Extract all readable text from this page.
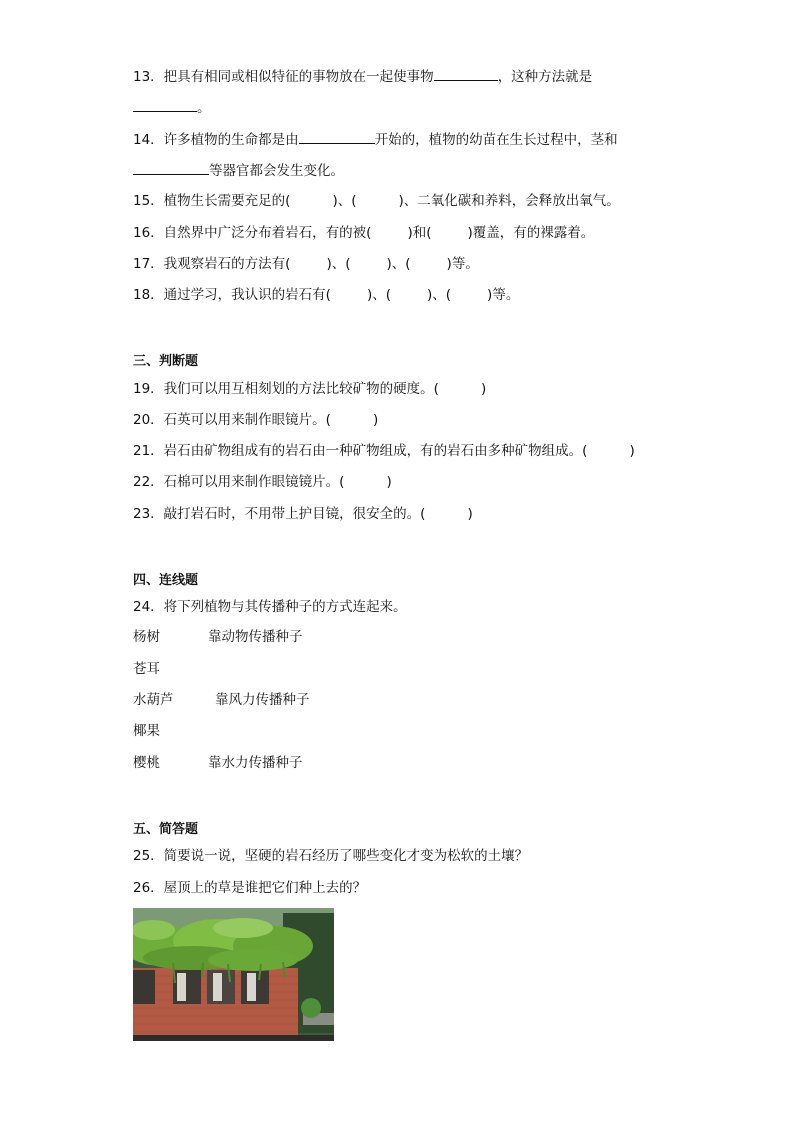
13．把具有相同或相似特征的事物放在一起使事物	，这种方法就是
。
14．许多植物的生命都是由	开始的，植物的幼苗在生长过程中，茎和
等器官都会发生变化。
15．植物生长需要充足的(	)、(	)、二氧化碳和养料，会释放出氧气。
16．自然界中广泛分布着岩石，有的被(	)和(	)覆盖，有的裸露着。
17．我观察岩石的方法有(	)、(	)、(	)等。
18．通过学习，我认识的岩石有(	)、(	)、(	)等。
三、判断题
19．我们可以用互相刻划的方法比较矿物的硬度。(	)
20．石英可以用来制作眼镜片。(	)
21．岩石由矿物组成有的岩石由一种矿物组成，有的岩石由多种矿物组成。(	)
22．石棉可以用来制作眼镜镜片。(	)
23．敲打岩石时，不用带上护目镜，很安全的。(	)
四、连线题
24．将下列植物与其传播种子的方式连起来。
杨树	靠动物传播种子
苍耳
水葫芦	靠风力传播种子
椰果
樱桃	靠水力传播种子
五、简答题
25．简要说一说，坚硬的岩石经历了哪些变化才变为松软的土壤？
26．屋顶上的草是谁把它们种上去的？
